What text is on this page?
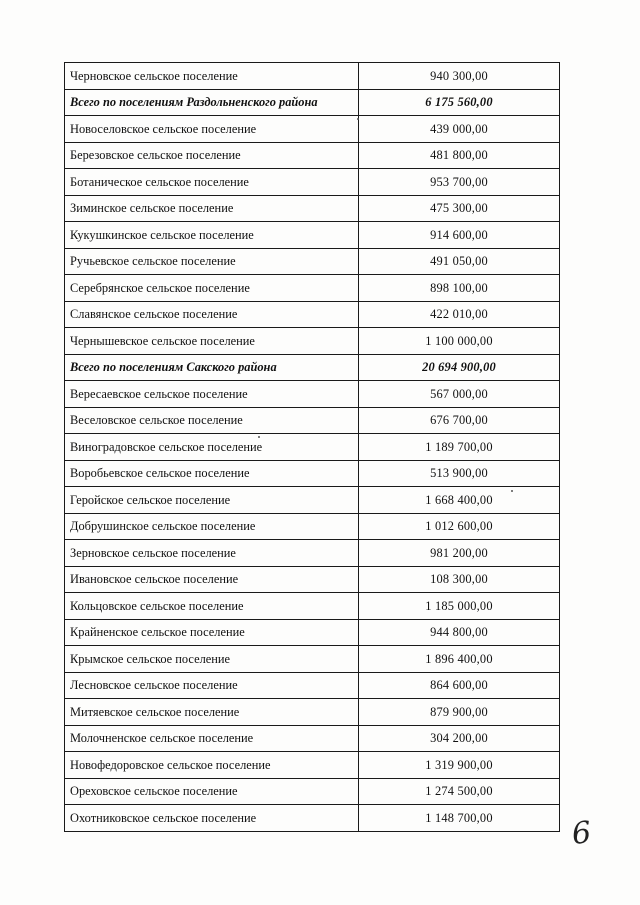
Черновское сельское поселение	940 300,00
Всего по поселениям Раздольненского района	6 175 560,00
Новоселовское сельское поселение	439 000,00
Березовское сельское поселение	481 800,00
Ботаническое сельское поселение	953 700,00
Зиминское сельское поселение	475 300,00
Кукушкинское сельское поселение	914 600,00
Ручьевское сельское поселение	491 050,00
Серебрянское сельское поселение	898 100,00
Славянское сельское поселение	422 010,00
Чернышевское сельское поселение	1 100 000,00
Всего по поселениям Сакского района	20 694 900,00
Вересаевское сельское поселение	567 000,00
Веселовское сельское поселение	676 700,00
Виноградовское сельское поселение	1 189 700,00
Воробьевское сельское поселение	513 900,00
Геройское сельское поселение	1 668 400,00
Добрушинское сельское поселение	1 012 600,00
Зерновское сельское поселение	981 200,00
Ивановское сельское поселение	108 300,00
Кольцовское сельское поселение	1 185 000,00
Крайненское сельское поселение	944 800,00
Крымское сельское поселение	1 896 400,00
Лесновское сельское поселение	864 600,00
Митяевское сельское поселение	879 900,00
Молочненское сельское поселение	304 200,00
Новофедоровское сельское поселение	1 319 900,00
Ореховское сельское поселение	1 274 500,00
Охотниковское сельское поселение	1 148 700,00	6
